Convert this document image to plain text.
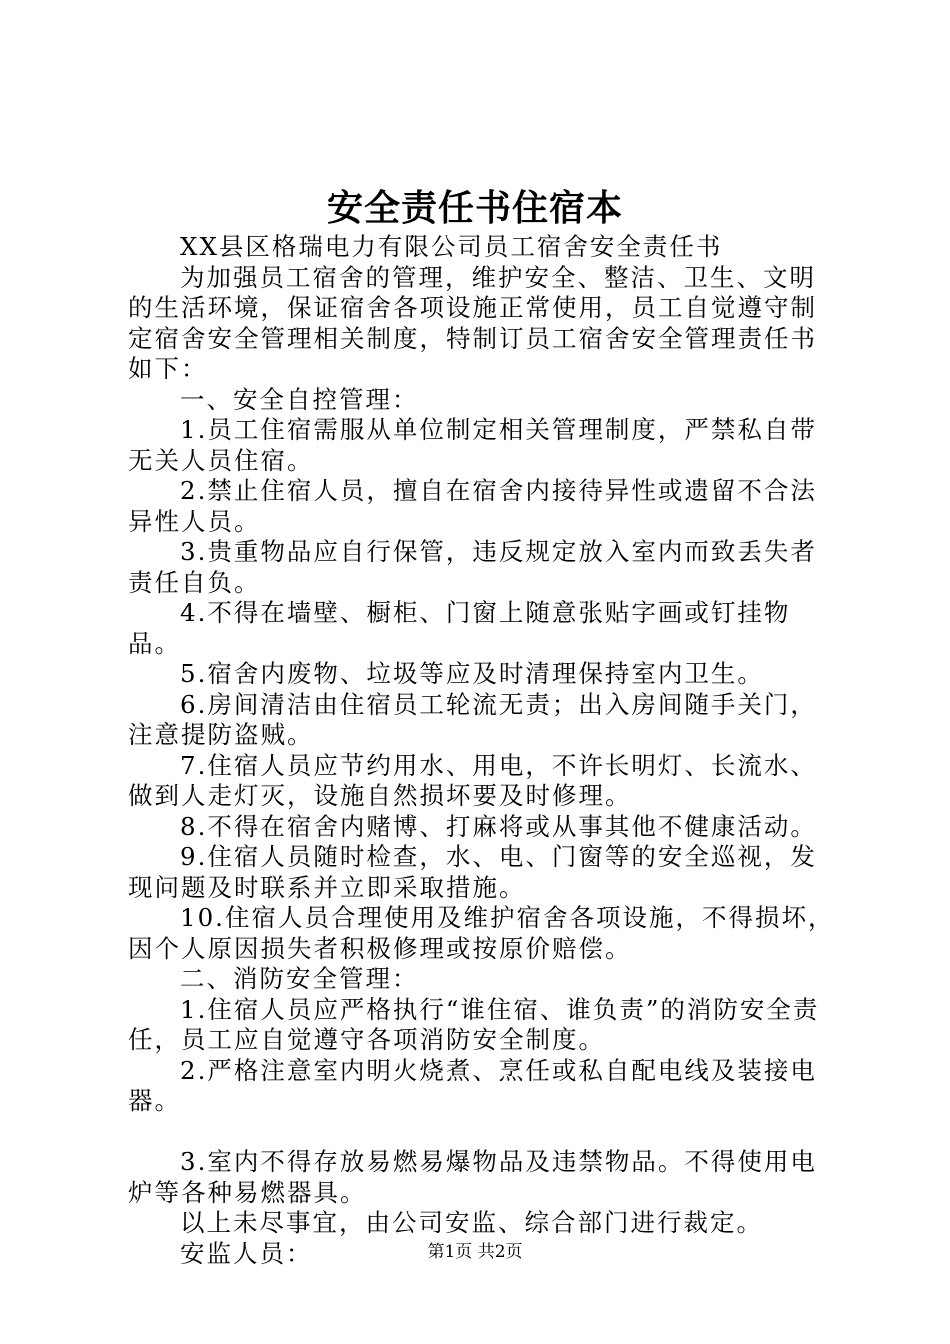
安全责任书住宿本

XX县区格瑞电力有限公司员工宿舍安全责任书

为加强员工宿舍的管理，维护安全、整洁、卫生、文明的生活环境，保证宿舍各项设施正常使用，员工自觉遵守制定宿舍安全管理相关制度，特制订员工宿舍安全管理责任书如下：

一、安全自控管理：

1.员工住宿需服从单位制定相关管理制度，严禁私自带无关人员住宿。

2.禁止住宿人员，擅自在宿舍内接待异性或遗留不合法异性人员。

3.贵重物品应自行保管，违反规定放入室内而致丢失者责任自负。

4.不得在墙壁、橱柜、门窗上随意张贴字画或钉挂物品。

5.宿舍内废物、垃圾等应及时清理保持室内卫生。

6.房间清洁由住宿员工轮流无责；出入房间随手关门，注意提防盗贼。

7.住宿人员应节约用水、用电，不许长明灯、长流水、做到人走灯灭，设施自然损坏要及时修理。

8.不得在宿舍内赌博、打麻将或从事其他不健康活动。

9.住宿人员随时检查，水、电、门窗等的安全巡视，发现问题及时联系并立即采取措施。

10.住宿人员合理使用及维护宿舍各项设施，不得损坏，因个人原因损失者积极修理或按原价赔偿。

二、消防安全管理：

1.住宿人员应严格执行“谁住宿、谁负责”的消防安全责任，员工应自觉遵守各项消防安全制度。

2.严格注意室内明火烧煮、烹任或私自配电线及装接电器。

3.室内不得存放易燃易爆物品及违禁物品。不得使用电炉等各种易燃器具。

以上未尽事宜，由公司安监、综合部门进行裁定。

安监人员：	第1页 共2页
